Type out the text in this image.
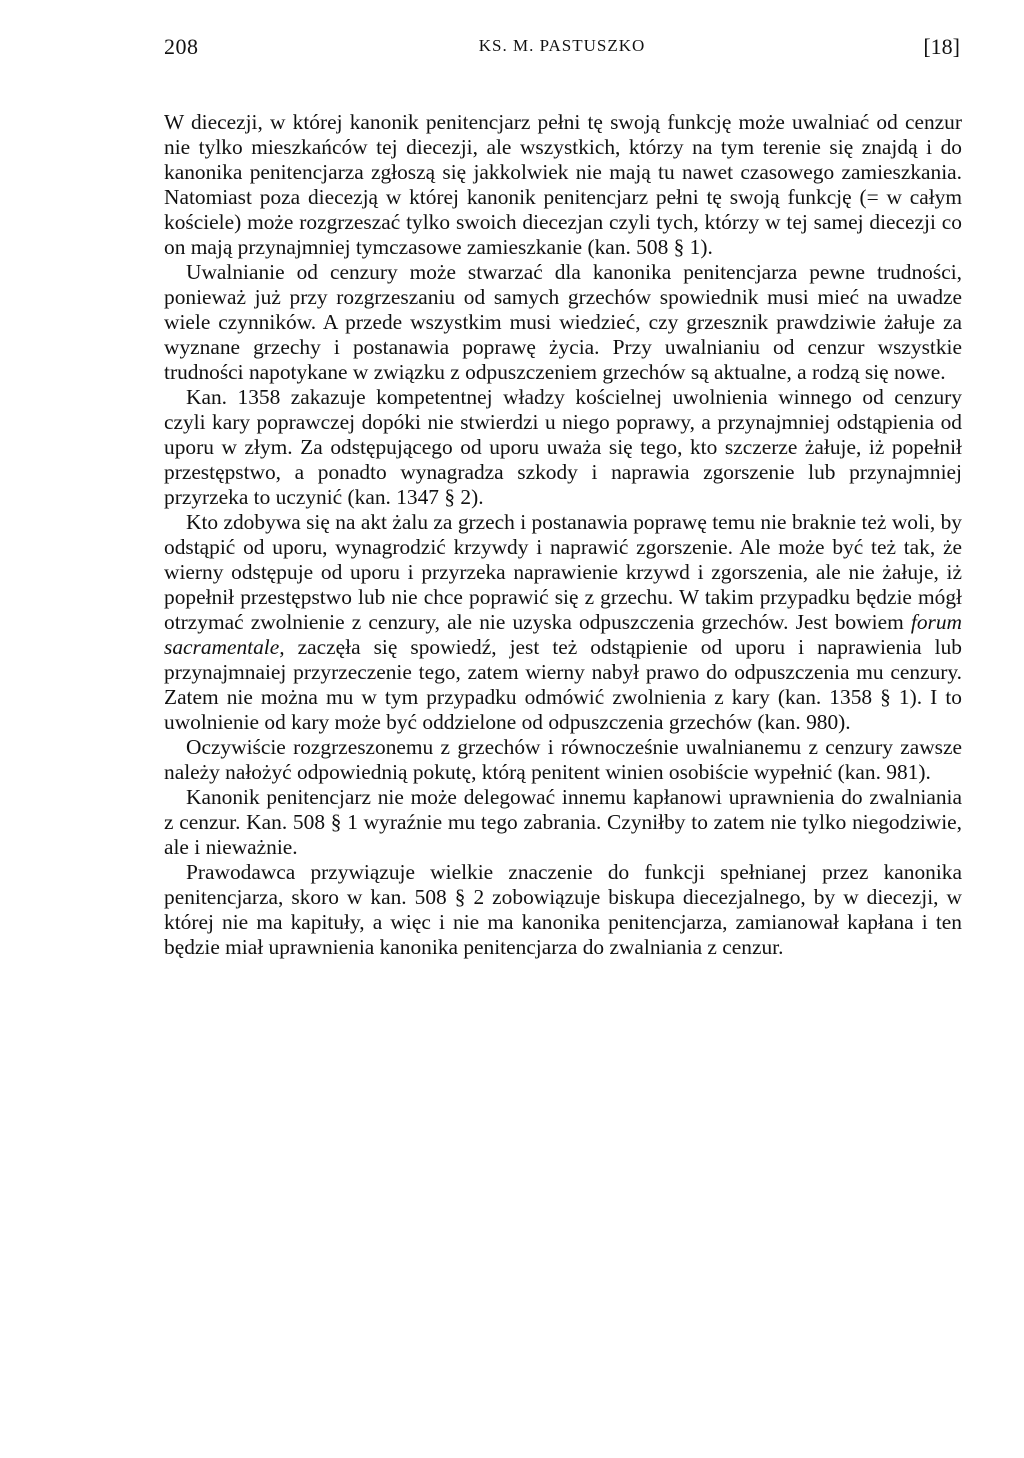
208	KS. M. PASTUSZKO	[18]

W diecezji, w której kanonik penitencjarz pełni tę swoją funkcję może uwalniać od cenzur nie tylko mieszkańców tej diecezji, ale wszystkich, którzy na tym terenie się znajdą i do kanonika penitencjarza zgłoszą się jakkolwiek nie mają tu nawet czasowego zamieszkania. Natomiast poza diecezją w której kanonik penitencjarz pełni tę swoją funkcję (= w całym kościele) może rozgrzeszać tylko swoich diecezjan czyli tych, którzy w tej samej diecezji co on mają przynajmniej tymczasowe zamieszkanie (kan. 508 § 1).

Uwalnianie od cenzury może stwarzać dla kanonika penitencjarza pewne trudności, ponieważ już przy rozgrzeszaniu od samych grzechów spowiednik musi mieć na uwadze wiele czynników. A przede wszystkim musi wiedzieć, czy grzesznik prawdziwie żałuje za wyznane grzechy i postanawia poprawę życia. Przy uwalnianiu od cenzur wszystkie trudności napotykane w związku z odpuszczeniem grzechów są aktualne, a rodzą się nowe.

Kan. 1358 zakazuje kompetentnej władzy kościelnej uwolnienia winnego od cenzury czyli kary poprawczej dopóki nie stwierdzi u niego poprawy, a przynajmniej odstąpienia od uporu w złym. Za odstępującego od uporu uważa się tego, kto szczerze żałuje, iż popełnił przestępstwo, a ponadto wynagradza szkody i naprawia zgorszenie lub przynajmniej przyrzeka to uczynić (kan. 1347 § 2).

Kto zdobywa się na akt żalu za grzech i postanawia poprawę temu nie braknie też woli, by odstąpić od uporu, wynagrodzić krzywdy i naprawić zgorszenie. Ale może być też tak, że wierny odstępuje od uporu i przyrzeka naprawienie krzywd i zgorszenia, ale nie żałuje, iż popełnił przestępstwo lub nie chce poprawić się z grzechu. W takim przypadku będzie mógł otrzymać zwolnienie z cenzury, ale nie uzyska odpuszczenia grzechów. Jest bowiem forum sacramentale, zaczęła się spowiedź, jest też odstąpienie od uporu i naprawienia lub przynajmnaiej przyrzeczenie tego, zatem wierny nabył prawo do odpuszczenia mu cenzury. Zatem nie można mu w tym przypadku odmówić zwolnienia z kary (kan. 1358 § 1). I to uwolnienie od kary może być oddzielone od odpuszczenia grzechów (kan. 980).

Oczywiście rozgrzeszonemu z grzechów i równocześnie uwalnianemu z cenzury zawsze należy nałożyć odpowiednią pokutę, którą penitent winien osobiście wypełnić (kan. 981).

Kanonik penitencjarz nie może delegować innemu kapłanowi uprawnienia do zwalniania z cenzur. Kan. 508 § 1 wyraźnie mu tego zabrania. Czyniłby to zatem nie tylko niegodziwie, ale i nieważnie.

Prawodawca przywiązuje wielkie znaczenie do funkcji spełnianej przez kanonika penitencjarza, skoro w kan. 508 § 2 zobowiązuje biskupa diecezjalnego, by w diecezji, w której nie ma kapituły, a więc i nie ma kanonika penitencjarza, zamianował kapłana i ten będzie miał uprawnienia kanonika penitencjarza do zwalniania z cenzur.
